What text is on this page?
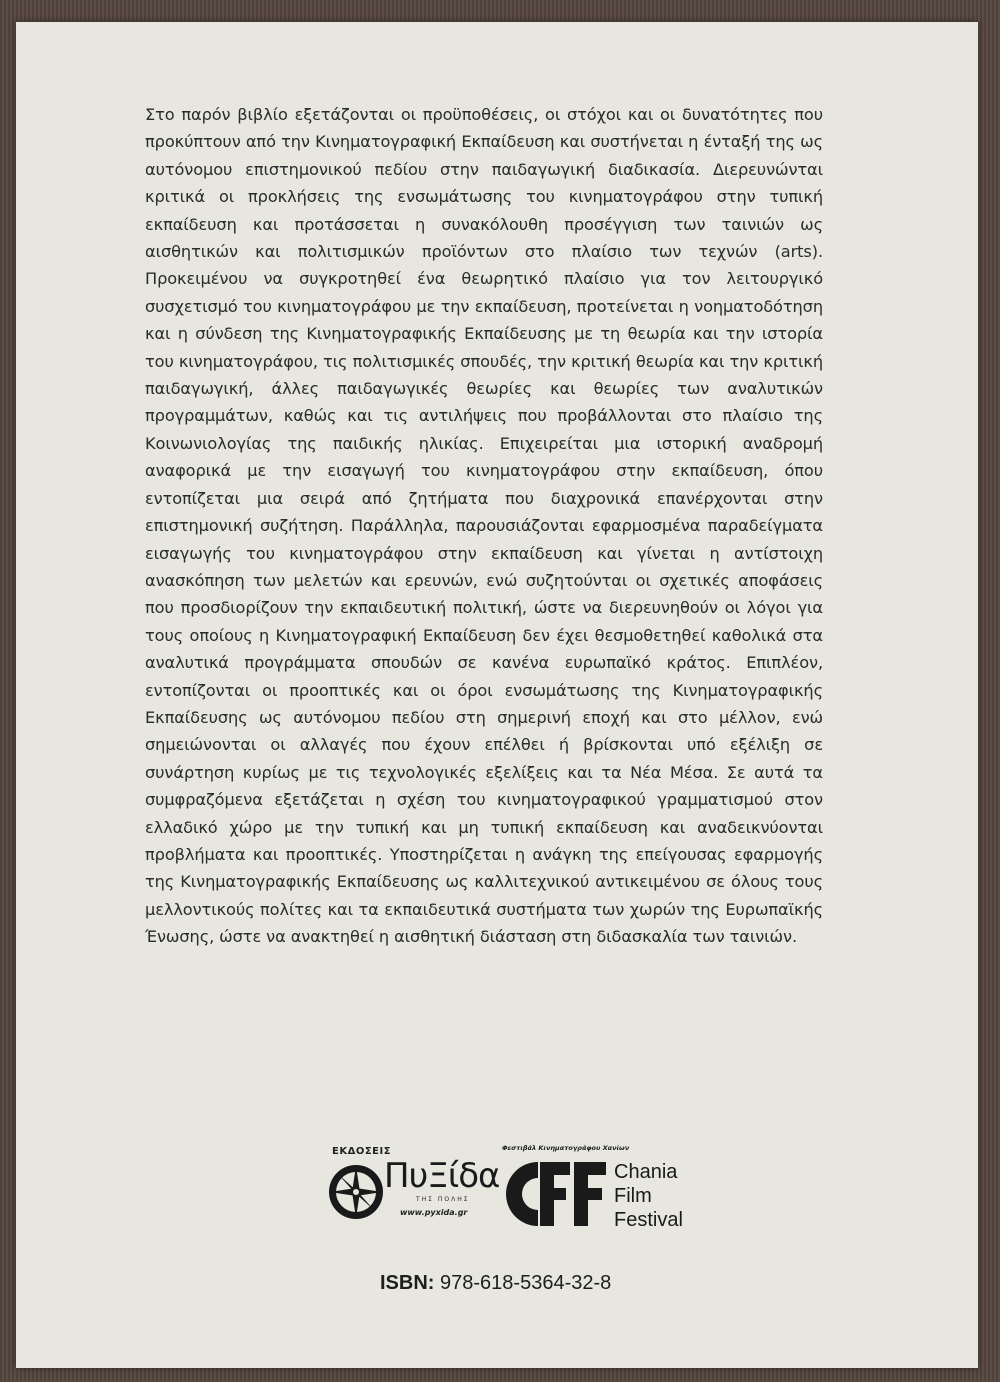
Στο παρόν βιβλίο εξετάζονται οι προϋποθέσεις, οι στόχοι και οι δυνατότητες που προκύπτουν από την Κινηματογραφική Εκπαίδευση και συστήνεται η ένταξή της ως αυτόνομου επιστημονικού πεδίου στην παιδαγωγική διαδικασία. Διερευνώνται κριτικά οι προκλήσεις της ενσωμάτωσης του κινηματογράφου στην τυπική εκπαίδευση και προτάσσεται η συνακόλουθη προσέγγιση των ταινιών ως αισθητικών και πολιτισμικών προϊόντων στο πλαίσιο των τεχνών (arts). Προκειμένου να συγκροτηθεί ένα θεωρητικό πλαίσιο για τον λειτουργικό συσχετισμό του κινηματογράφου με την εκπαίδευση, προτείνεται η νοηματοδότηση και η σύνδεση της Κινηματογραφικής Εκπαίδευσης με τη θεωρία και την ιστορία του κινηματογράφου, τις πολιτισμικές σπουδές, την κριτική θεωρία και την κριτική παιδαγωγική, άλλες παιδαγωγικές θεωρίες και θεωρίες των αναλυτικών προγραμμάτων, καθώς και τις αντιλήψεις που προβάλλονται στο πλαίσιο της Κοινωνιολογίας της παιδικής ηλικίας. Επιχειρείται μια ιστορική αναδρομή αναφορικά με την εισαγωγή του κινηματογράφου στην εκπαίδευση, όπου εντοπίζεται μια σειρά από ζητήματα που διαχρονικά επανέρχονται στην επιστημονική συζήτηση. Παράλληλα, παρουσιάζονται εφαρμοσμένα παραδείγματα εισαγωγής του κινηματογράφου στην εκπαίδευση και γίνεται η αντίστοιχη ανασκόπηση των μελετών και ερευνών, ενώ συζητούνται οι σχετικές αποφάσεις που προσδιορίζουν την εκπαιδευτική πολιτική, ώστε να διερευνηθούν οι λόγοι για τους οποίους η Κινηματογραφική Εκπαίδευση δεν έχει θεσμοθετηθεί καθολικά στα αναλυτικά προγράμματα σπουδών σε κανένα ευρωπαϊκό κράτος. Επιπλέον, εντοπίζονται οι προοπτικές και οι όροι ενσωμάτωσης της Κινηματογραφικής Εκπαίδευσης ως αυτόνομου πεδίου στη σημερινή εποχή και στο μέλλον, ενώ σημειώνονται οι αλλαγές που έχουν επέλθει ή βρίσκονται υπό εξέλιξη σε συνάρτηση κυρίως με τις τεχνολογικές εξελίξεις και τα Νέα Μέσα. Σε αυτά τα συμφραζόμενα εξετάζεται η σχέση του κινηματογραφικού γραμματισμού στον ελλαδικό χώρο με την τυπική και μη τυπική εκπαίδευση και αναδεικνύονται προβλήματα και προοπτικές. Υποστηρίζεται η ανάγκη της επείγουσας εφαρμογής της Κινηματογραφικής Εκπαίδευσης ως καλλιτεχνικού αντικειμένου σε όλους τους μελλοντικούς πολίτες και τα εκπαιδευτικά συστήματα των χωρών της Ευρωπαϊκής Ένωσης, ώστε να ανακτηθεί η αισθητική διάσταση στη διδασκαλία των ταινιών.

ΕΚΔΟΣΕΙΣ
ΠυΞίδα
ΤΗΣ ΠΟΛΗΣ
www.pyxida.gr
Φεστιβάλ Κινηματογράφου Χανίων
Chania
Film
Festival
ISBN: 978-618-5364-32-8
